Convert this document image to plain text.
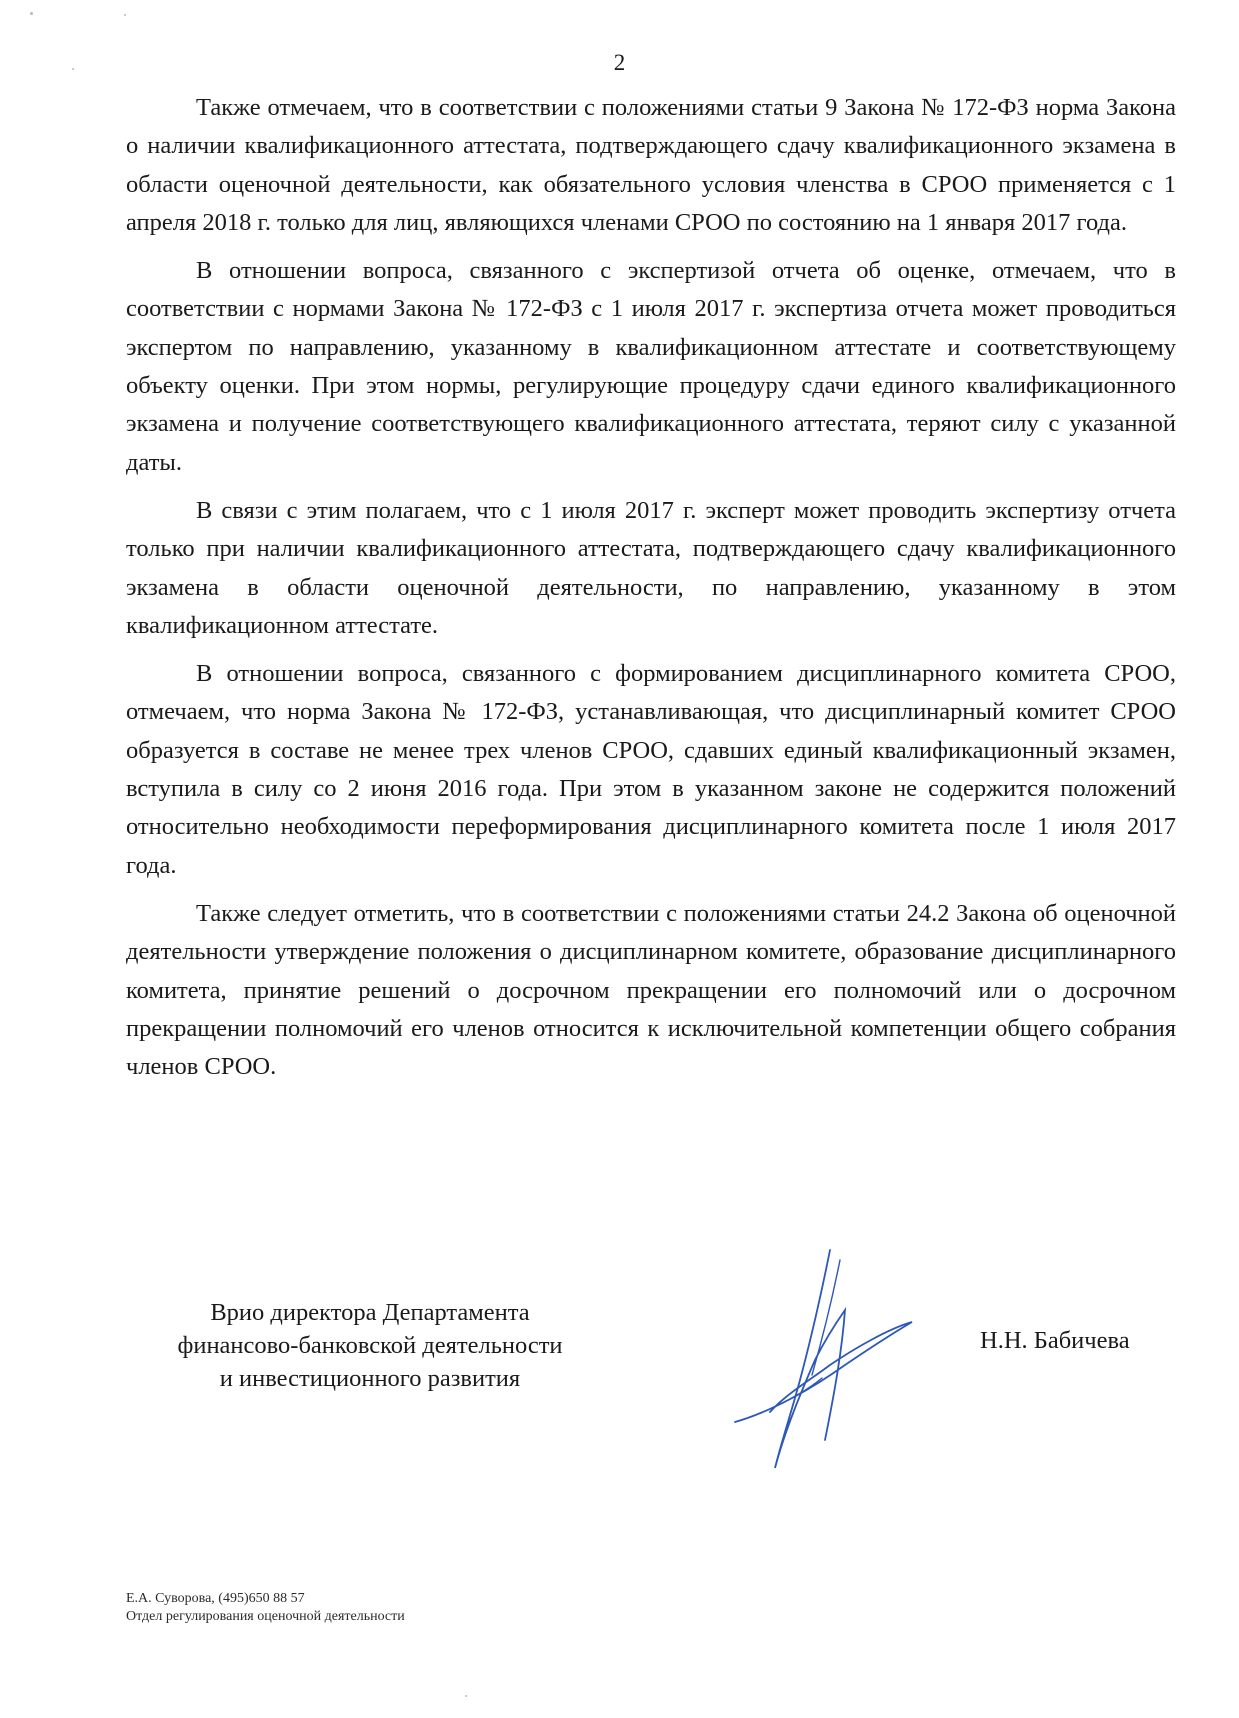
2

Также отмечаем, что в соответствии с положениями статьи 9 Закона № 172-ФЗ норма Закона о наличии квалификационного аттестата, подтверждающего сдачу квалификационного экзамена в области оценочной деятельности, как обязательного условия членства в СРОО применяется с 1 апреля 2018 г. только для лиц, являющихся членами СРОО по состоянию на 1 января 2017 года.

В отношении вопроса, связанного с экспертизой отчета об оценке, отмечаем, что в соответствии с нормами Закона № 172-ФЗ с 1 июля 2017 г. экспертиза отчета может проводиться экспертом по направлению, указанному в квалификационном аттестате и соответствующему объекту оценки. При этом нормы, регулирующие процедуру сдачи единого квалификационного экзамена и получение соответствующего квалификационного аттестата, теряют силу с указанной даты.

В связи с этим полагаем, что с 1 июля 2017 г. эксперт может проводить экспертизу отчета только при наличии квалификационного аттестата, подтверждающего сдачу квалификационного экзамена в области оценочной деятельности, по направлению, указанному в этом квалификационном аттестате.

В отношении вопроса, связанного с формированием дисциплинарного комитета СРОО, отмечаем, что норма Закона № 172-ФЗ, устанавливающая, что дисциплинарный комитет СРОО образуется в составе не менее трех членов СРОО, сдавших единый квалификационный экзамен, вступила в силу со 2 июня 2016 года. При этом в указанном законе не содержится положений относительно необходимости переформирования дисциплинарного комитета после 1 июля 2017 года.

Также следует отметить, что в соответствии с положениями статьи 24.2 Закона об оценочной деятельности утверждение положения о дисциплинарном комитете, образование дисциплинарного комитета, принятие решений о досрочном прекращении его полномочий или о досрочном прекращении полномочий его членов относится к исключительной компетенции общего собрания членов СРОО.

Врио директора Департамента
финансово-банковской деятельности
и инвестиционного развития
Н.Н. Бабичева
Е.А. Суворова, (495)650 88 57
Отдел регулирования оценочной деятельности
